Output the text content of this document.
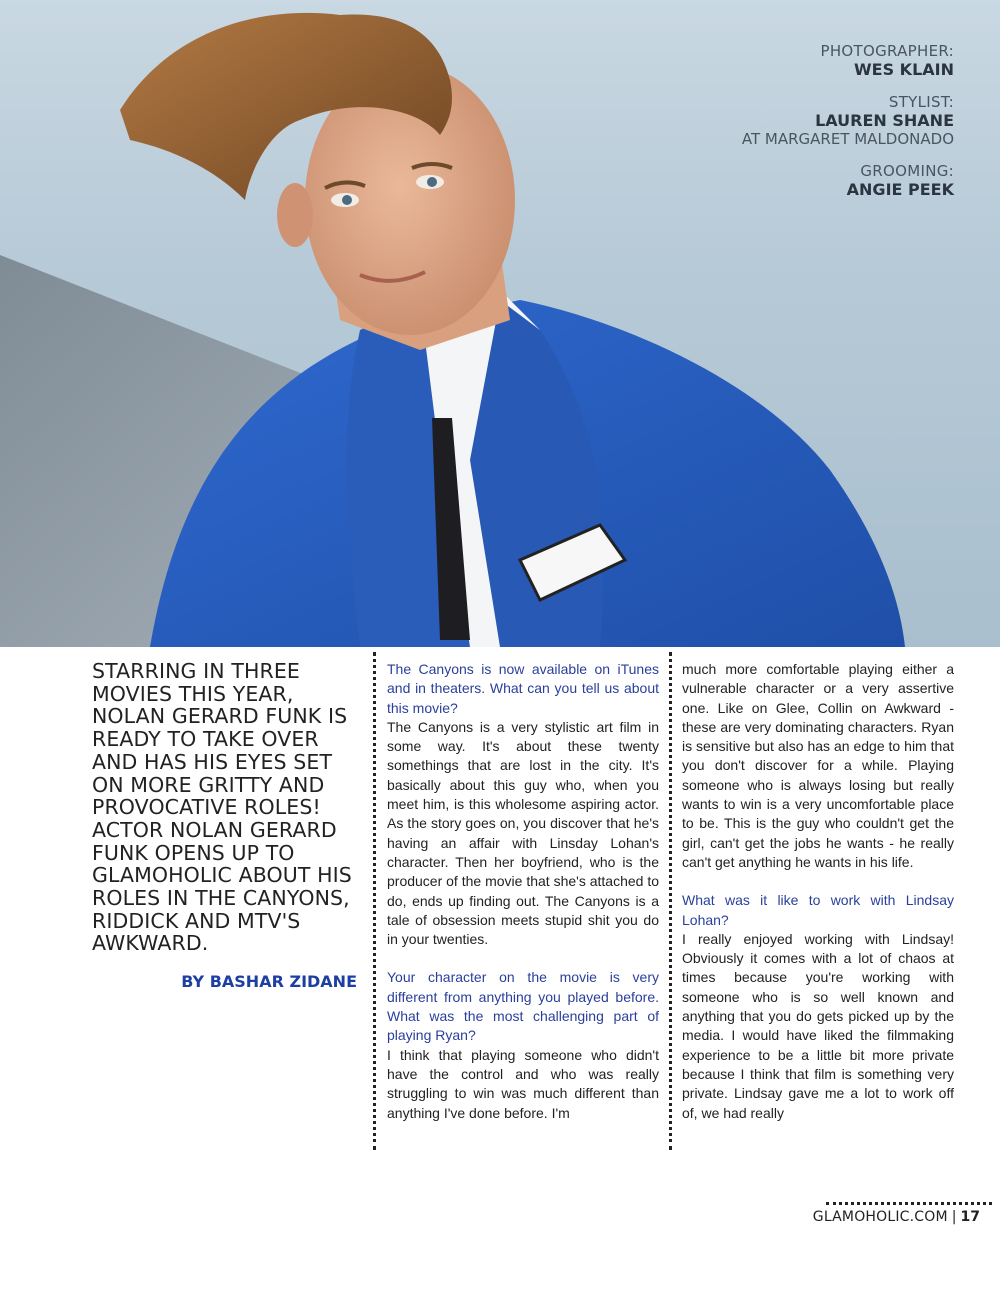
PHOTOGRAPHER:
WES KLAIN
STYLIST:
LAUREN SHANE
AT MARGARET MALDONADO
GROOMING:
ANGIE PEEK
STARRING IN THREE MOVIES THIS YEAR, NOLAN GERARD FUNK IS READY TO TAKE OVER AND HAS HIS EYES SET ON MORE GRITTY AND PROVOCATIVE ROLES! ACTOR NOLAN GERARD FUNK OPENS UP TO GLAMOHOLIC ABOUT HIS ROLES IN THE CANYONS, RIDDICK AND MTV'S AWKWARD.
BY BASHAR ZIDANE

The Canyons is now available on iTunes and in theaters. What can you tell us about this movie?
The Canyons is a very stylistic art film in some way. It's about these twenty somethings that are lost in the city. It's basically about this guy who, when you meet him, is this wholesome aspiring actor. As the story goes on, you discover that he's having an affair with Linsday Lohan's character. Then her boyfriend, who is the producer of the movie that she's attached to do, ends up finding out. The Canyons is a tale of obsession meets stupid shit you do in your twenties.

Your character on the movie is very different from anything you played before. What was the most challenging part of playing Ryan?
I think that playing someone who didn't have the control and who was really struggling to win was much different than anything I've done before. I'm

much more comfortable playing either a vulnerable character or a very assertive one. Like on Glee, Collin on Awkward - these are very dominating characters. Ryan is sensitive but also has an edge to him that you don't discover for a while. Playing someone who is always losing but really wants to win is a very uncomfortable place to be. This is the guy who couldn't get the girl, can't get the jobs he wants - he really can't get anything he wants in his life.

What was it like to work with Lindsay Lohan?
I really enjoyed working with Lindsay! Obviously it comes with a lot of chaos at times because you're working with someone who is so well known and anything that you do gets picked up by the media. I would have liked the filmmaking experience to be a little bit more private because I think that film is something very private. Lindsay gave me a lot to work off of, we had really

GLAMOHOLIC.COM | 17
